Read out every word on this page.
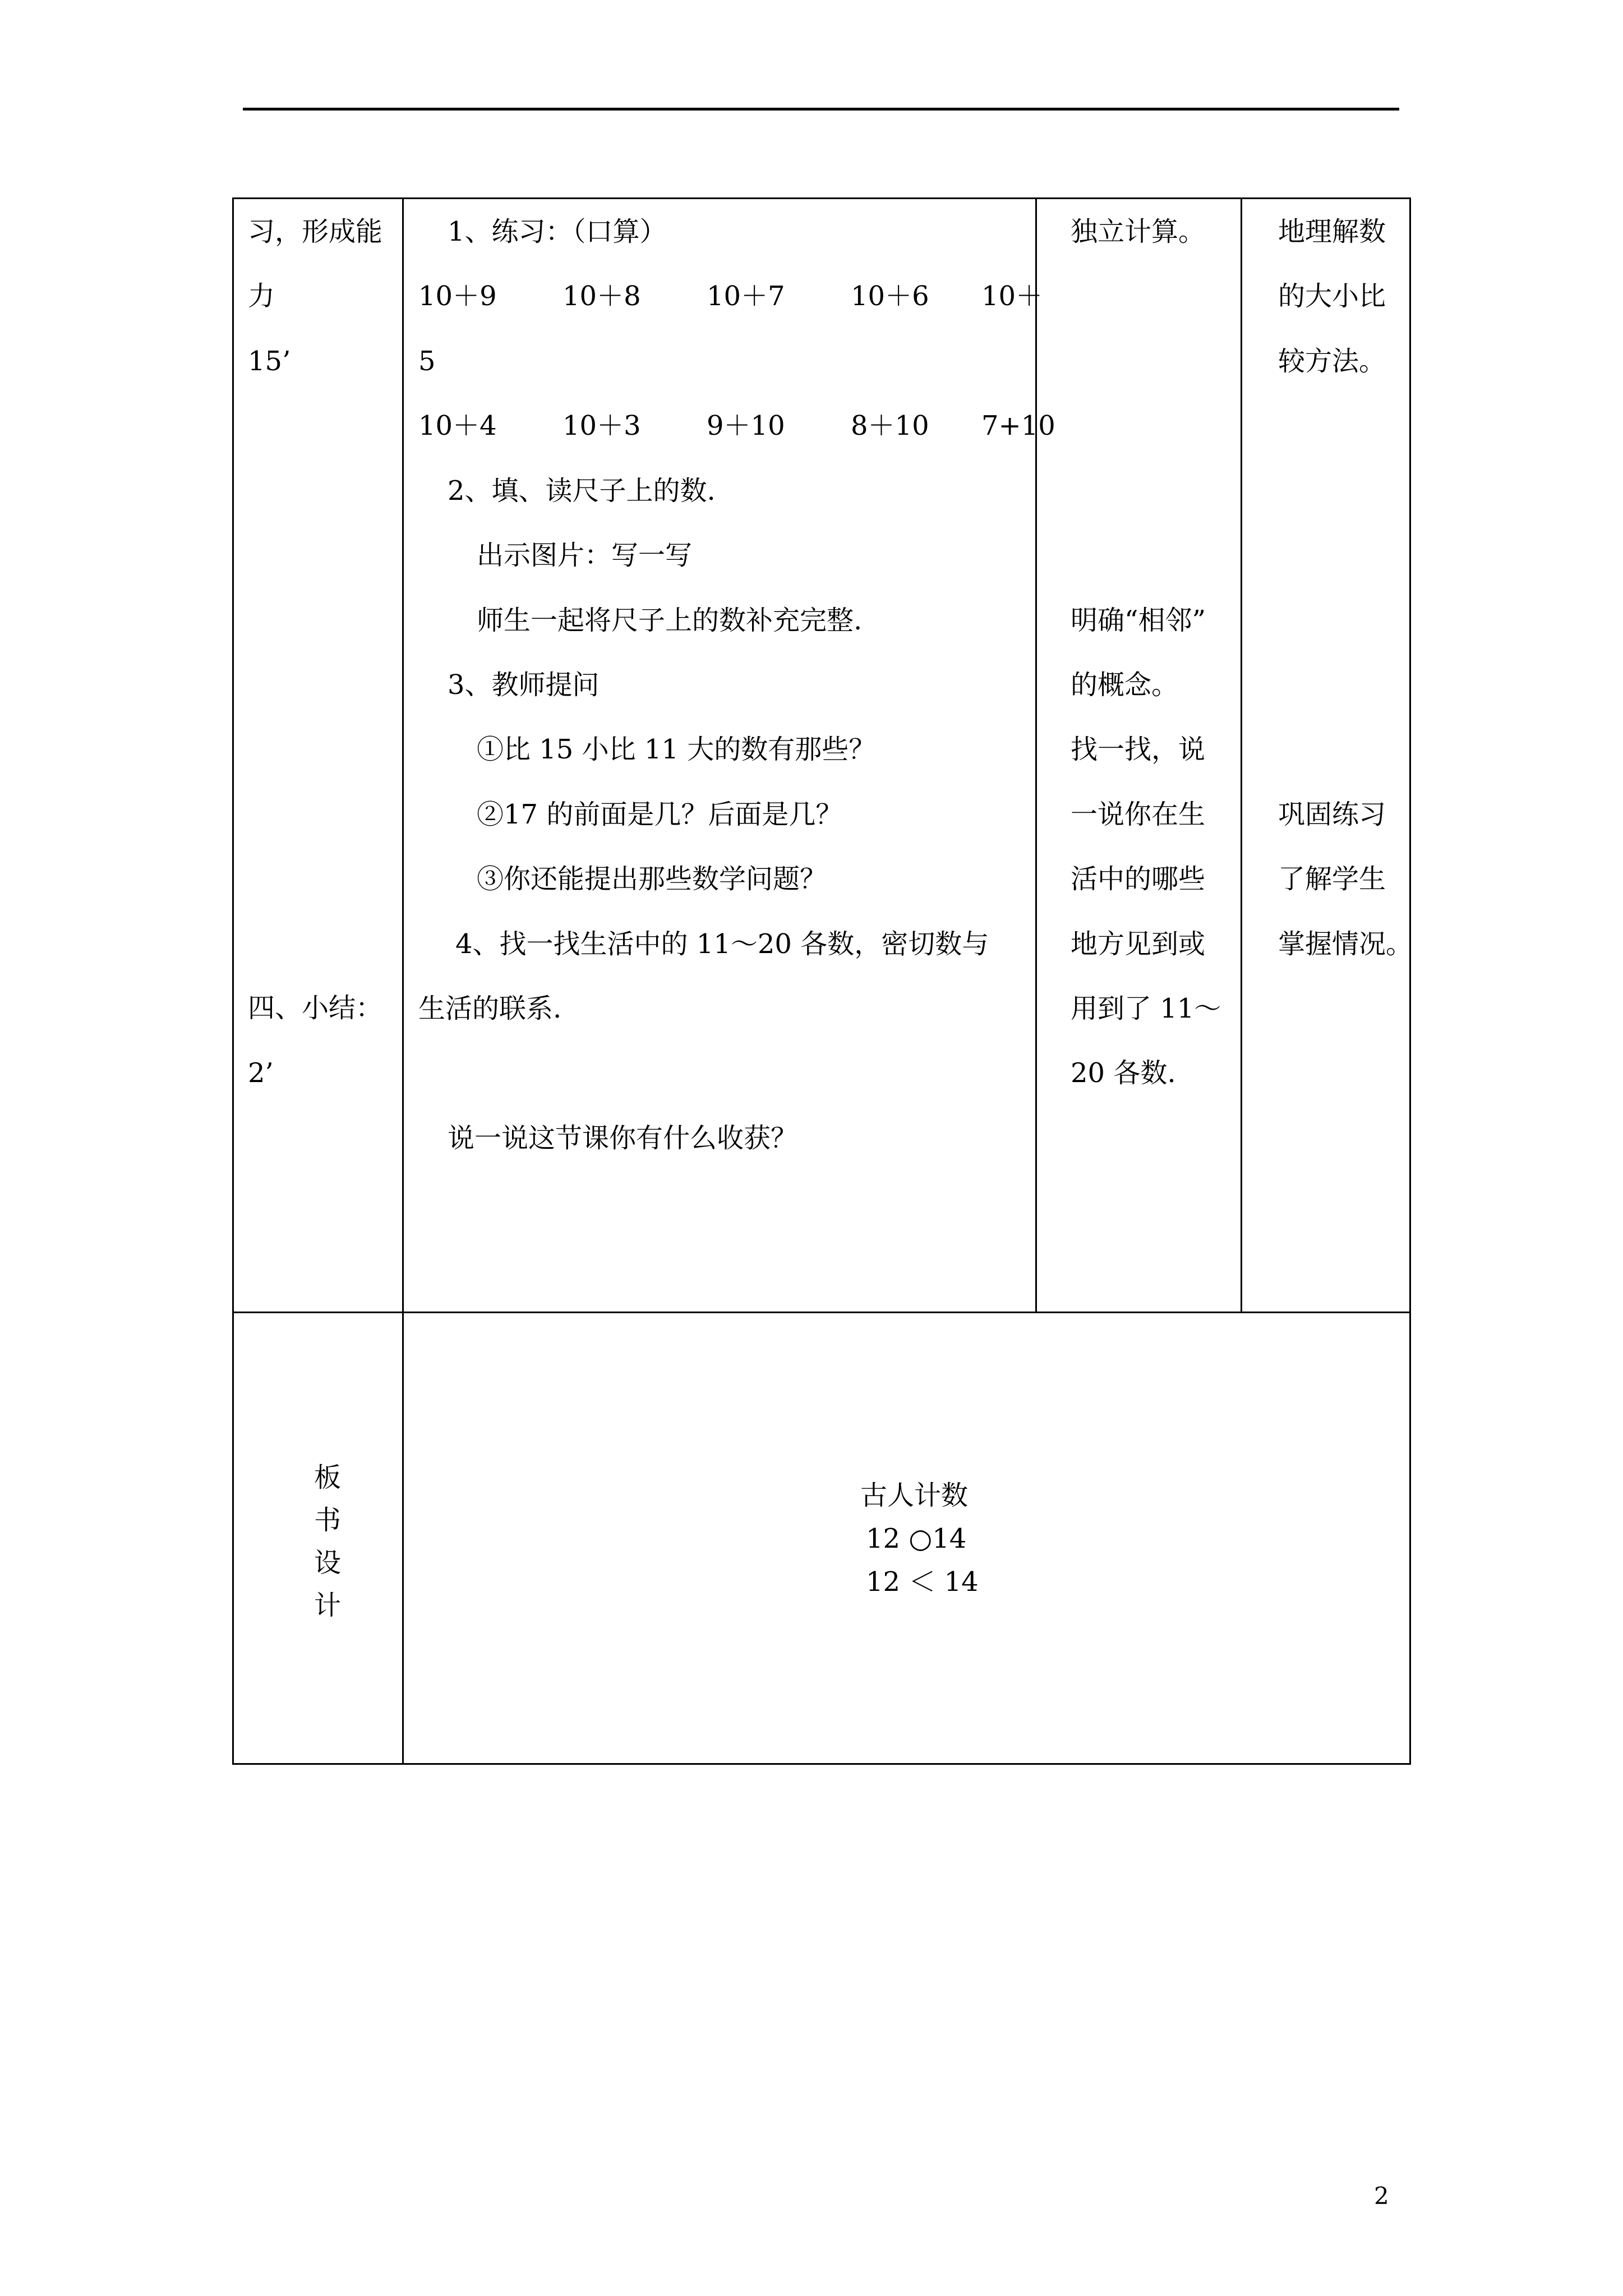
习，形成能
力
15’
四、小结：
2’
1、练习：（口算）
10＋9 10＋8 10＋7 10＋6 10＋
5
10＋4 10＋3 9＋10 8＋10 7+10
2、填、读尺子上的数.
出示图片：写一写
师生一起将尺子上的数补充完整.
3、教师提问
①比 15 小比 11 大的数有那些？
②17 的前面是几？后面是几？
③你还能提出那些数学问题？
4、找一找生活中的 11～20 各数，密切数与
生活的联系.
说一说这节课你有什么收获？
独立计算。
明确“相邻”
的概念。
找一找，说
一说你在生
活中的哪些
地方见到或
用到了 11～
20 各数.
地理解数
的大小比
较方法。
巩固练习
了解学生
掌握情况。
板
书
设
计
古人计数
12 ○14
12 ＜ 14
2
